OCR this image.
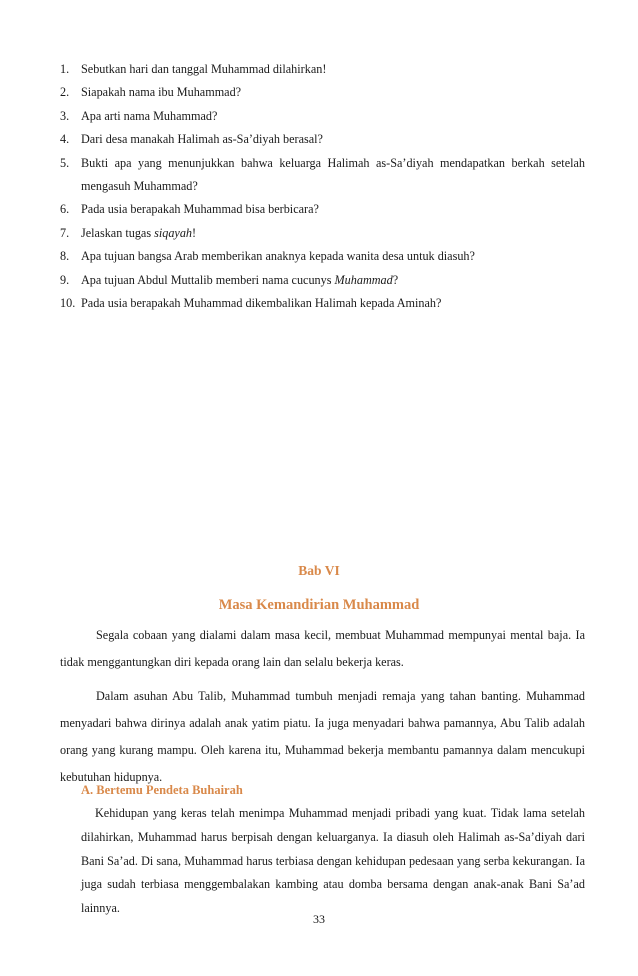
1. Sebutkan hari dan tanggal Muhammad dilahirkan!
2. Siapakah nama ibu Muhammad?
3. Apa arti nama Muhammad?
4. Dari desa manakah Halimah as-Sa’diyah berasal?
5. Bukti apa yang menunjukkan bahwa keluarga Halimah as-Sa’diyah mendapatkan berkah setelah mengasuh Muhammad?
6. Pada usia berapakah Muhammad bisa berbicara?
7. Jelaskan tugas siqayah!
8. Apa tujuan bangsa Arab memberikan anaknya kepada wanita desa untuk diasuh?
9. Apa tujuan Abdul Muttalib memberi nama cucunys Muhammad?
10. Pada usia berapakah Muhammad dikembalikan Halimah kepada Aminah?
Bab VI
Masa Kemandirian Muhammad

Segala cobaan yang dialami dalam masa kecil, membuat Muhammad mempunyai mental baja. Ia tidak menggantungkan diri kepada orang lain dan selalu bekerja keras.

Dalam asuhan Abu Talib, Muhammad tumbuh menjadi remaja yang tahan banting. Muhammad menyadari bahwa dirinya adalah anak yatim piatu. Ia juga menyadari bahwa pamannya, Abu Talib adalah orang yang kurang mampu. Oleh karena itu, Muhammad bekerja membantu pamannya dalam mencukupi kebutuhan hidupnya.

A. Bertemu Pendeta Buhairah

Kehidupan yang keras telah menimpa Muhammad menjadi pribadi yang kuat. Tidak lama setelah dilahirkan, Muhammad harus berpisah dengan keluarganya. Ia diasuh oleh Halimah as-Sa’diyah dari Bani Sa’ad. Di sana, Muhammad harus terbiasa dengan kehidupan pedesaan yang serba kekurangan. Ia juga sudah terbiasa menggembalakan kambing atau domba bersama dengan anak-anak Bani Sa’ad lainnya.

33
